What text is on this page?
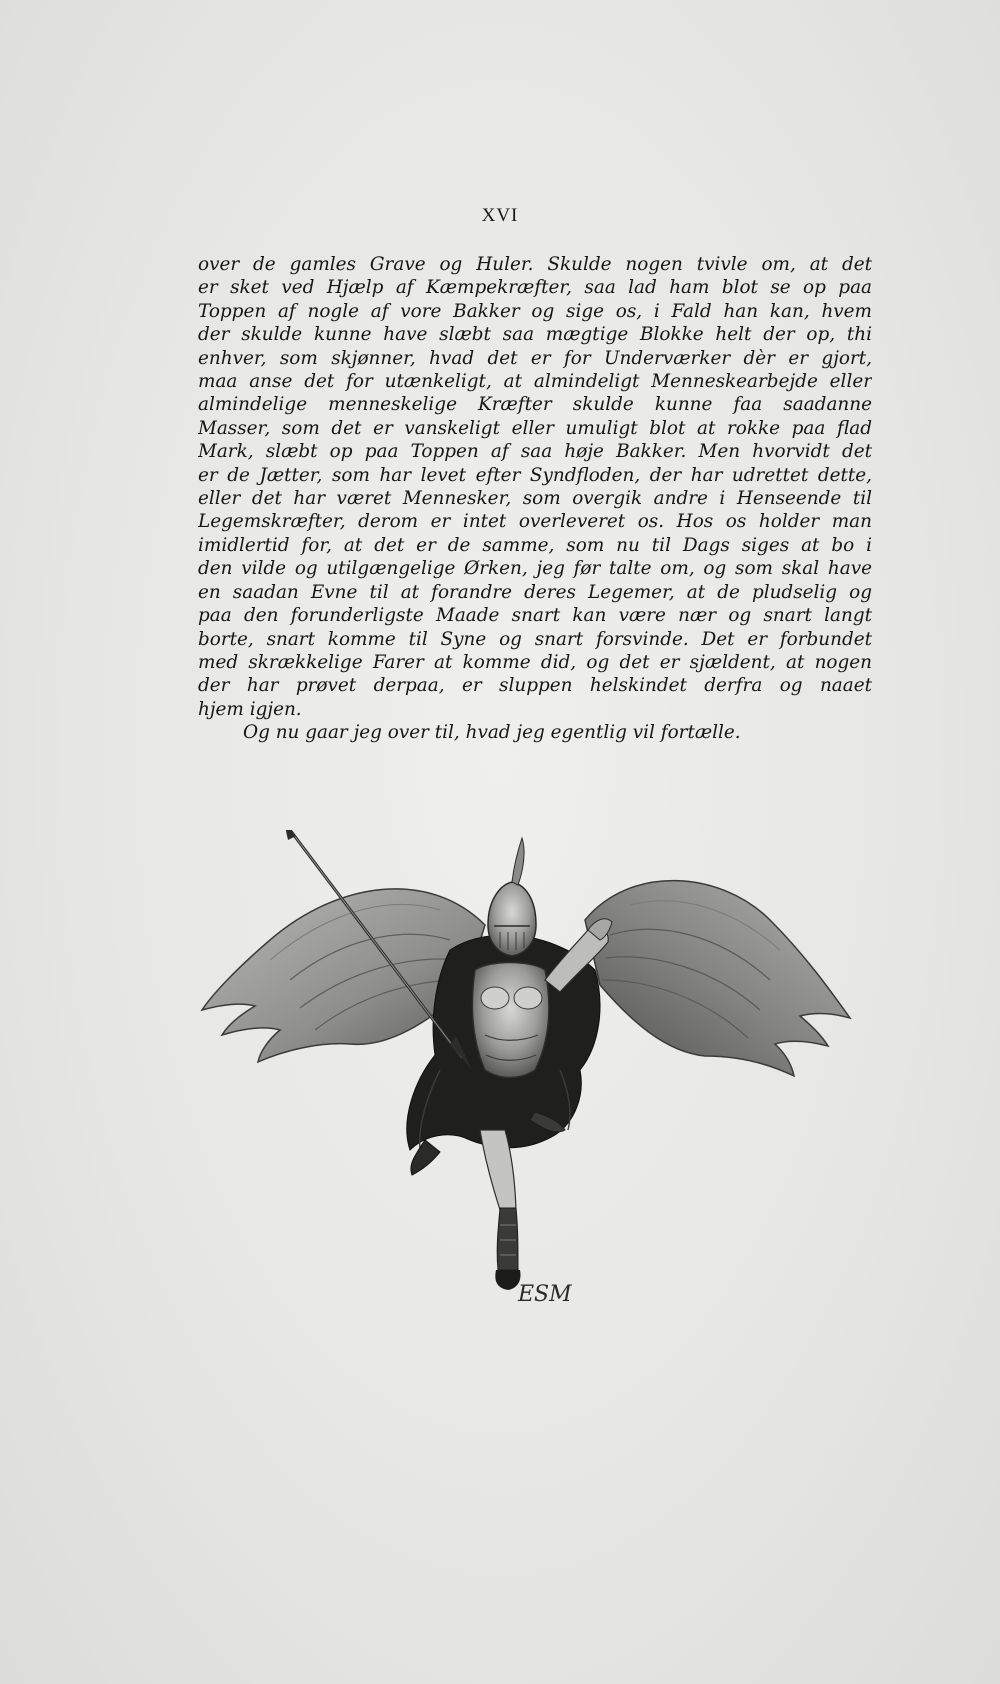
XVI
over de gamles Grave og Huler. Skulde nogen tvivle om, at det
er sket ved Hjælp af Kæmpekræfter, saa lad ham blot se op paa
Toppen af nogle af vore Bakker og sige os, i Fald han kan, hvem
der skulde kunne have slæbt saa mægtige Blokke helt der op, thi
enhver, som skjønner, hvad det er for Underværker dèr er gjort,
maa anse det for utænkeligt, at almindeligt Menneskearbejde eller
almindelige menneskelige Kræfter skulde kunne faa saadanne
Masser, som det er vanskeligt eller umuligt blot at rokke paa flad
Mark, slæbt op paa Toppen af saa høje Bakker. Men hvorvidt det
er de Jætter, som har levet efter Syndfloden, der har udrettet dette,
eller det har været Mennesker, som overgik andre i Henseende til
Legemskræfter, derom er intet overleveret os. Hos os holder man
imidlertid for, at det er de samme, som nu til Dags siges at bo i
den vilde og utilgængelige Ørken, jeg før talte om, og som skal have
en saadan Evne til at forandre deres Legemer, at de pludselig og
paa den forunderligste Maade snart kan være nær og snart langt
borte, snart komme til Syne og snart forsvinde. Det er forbundet
med skrækkelige Farer at komme did, og det er sjældent, at nogen
der har prøvet derpaa, er sluppen helskindet derfra og naaet
hjem igjen.
Og nu gaar jeg over til, hvad jeg egentlig vil fortælle.
ESM
